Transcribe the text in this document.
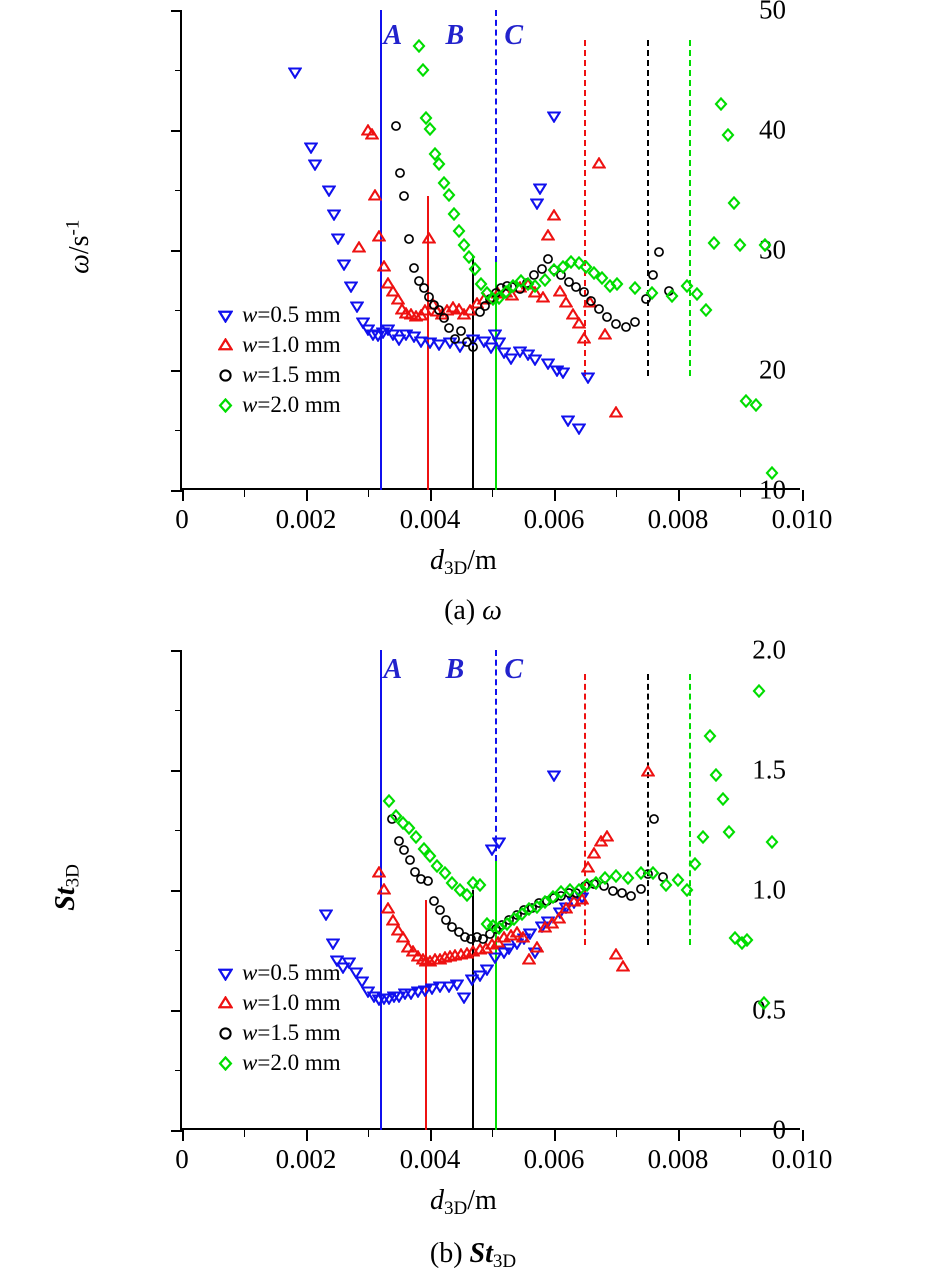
10
20
30
40
50
0	0.002 0.004 0.006 0.008 0.010
A B C
$\omega/s^{-1}$
$d_{3D}/m$
(a) ω
w=0.5 mm
w=1.0 mm
w=1.5 mm
w=2.0 mm
0
0.5
1.0
1.5
2.0
0	0.002 0.004 0.006 0.008 0.010
A B C
$St_{3D}$
$d_{3D}/m$
(b) $St_{3D}$
w=0.5 mm
w=1.0 mm
w=1.5 mm
w=2.0 mm
